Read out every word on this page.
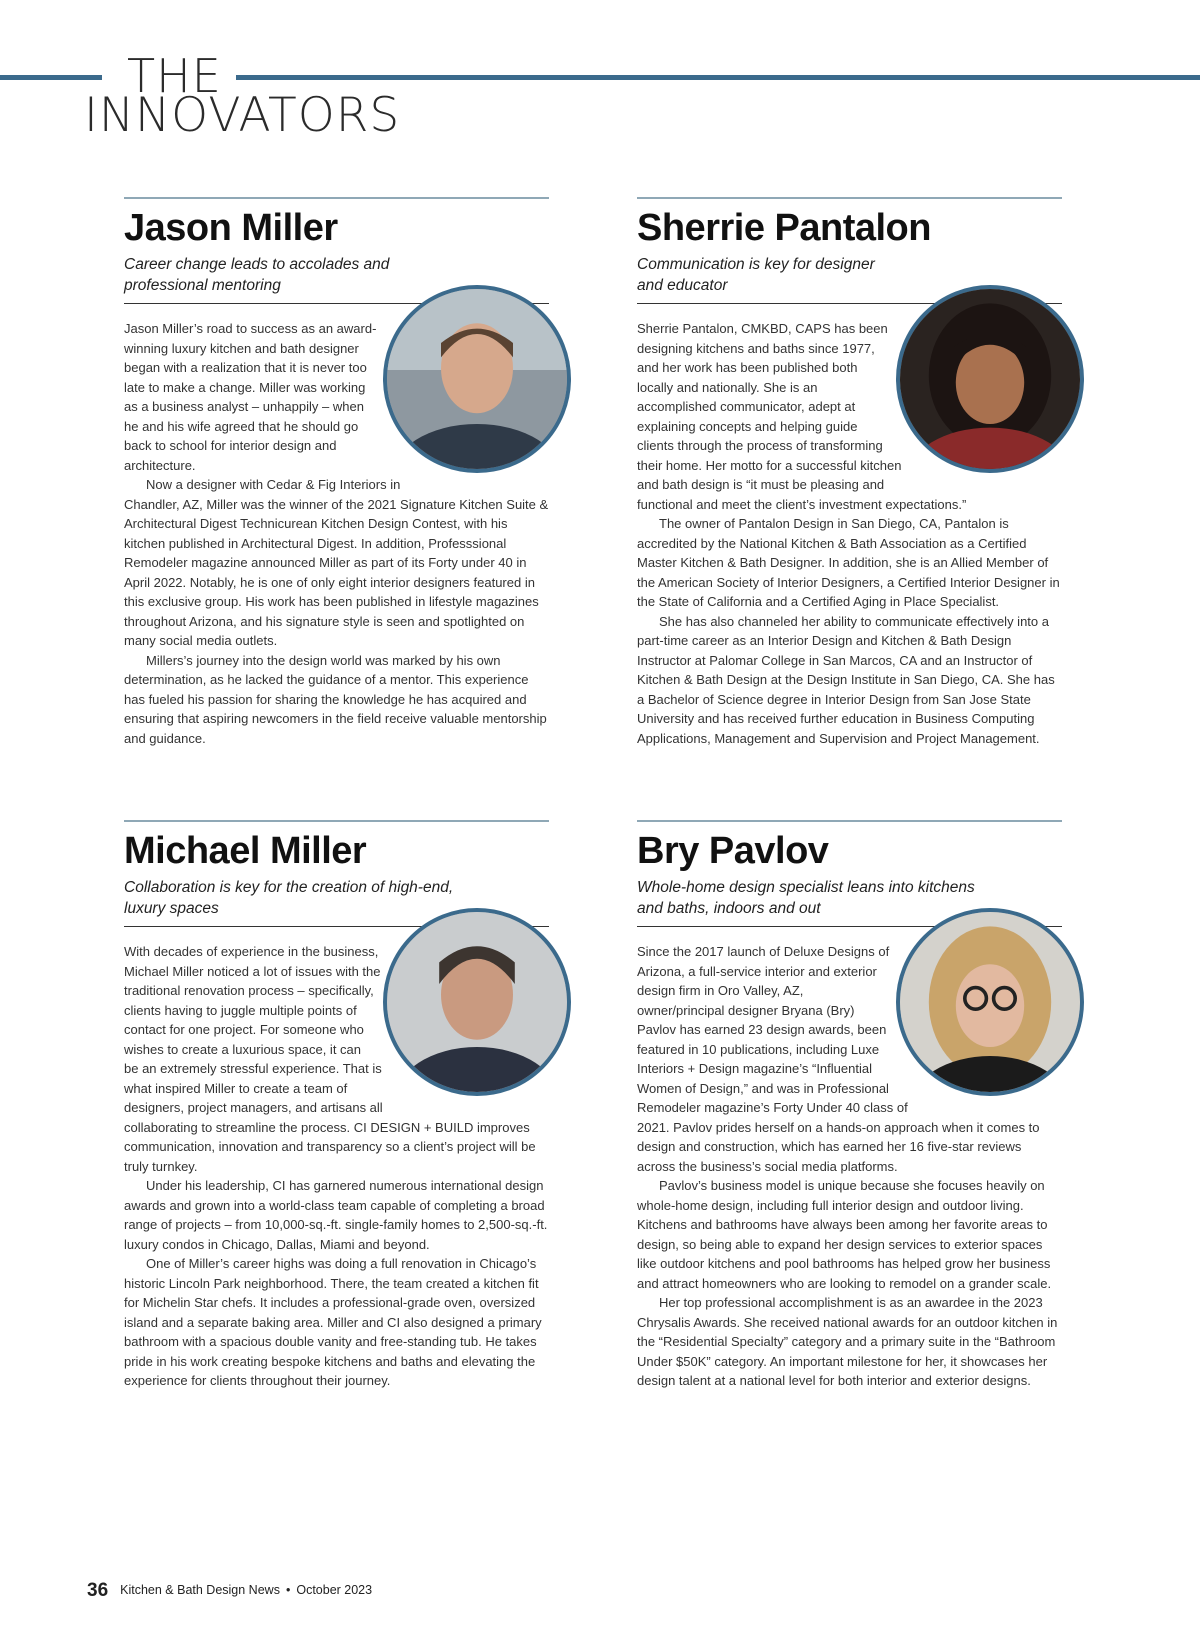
THE
INNOVATORS
Jason Miller
Career change leads to accolades and professional mentoring

Jason Miller’s road to success as an award-winning luxury kitchen and bath designer began with a realization that it is never too late to make a change. Miller was working as a business analyst – unhappily – when he and his wife agreed that he should go back to school for interior design and architecture.

Now a designer with Cedar & Fig Interiors in Chandler, AZ, Miller was the winner of the 2021 Signature Kitchen Suite & Architectural Digest Technicurean Kitchen Design Contest, with his kitchen published in Architectural Digest. In addition, Professsional Remodeler magazine announced Miller as part of its Forty under 40 in April 2022. Notably, he is one of only eight interior designers featured in this exclusive group. His work has been published in lifestyle magazines throughout Arizona, and his signature style is seen and spotlighted on many social media outlets.

Millers’s journey into the design world was marked by his own determination, as he lacked the guidance of a mentor. This experience has fueled his passion for sharing the knowledge he has acquired and ensuring that aspiring newcomers in the field receive valuable mentorship and guidance.

Sherrie Pantalon
Communication is key for designer and educator

Sherrie Pantalon, CMKBD, CAPS has been designing kitchens and baths since 1977, and her work has been published both locally and nationally. She is an accomplished communicator, adept at explaining concepts and helping guide clients through the process of transforming their home. Her motto for a successful kitchen and bath design is “it must be pleasing and functional and meet the client’s investment expectations.”

The owner of Pantalon Design in San Diego, CA, Pantalon is accredited by the National Kitchen & Bath Association as a Certified Master Kitchen & Bath Designer. In addition, she is an Allied Member of the American Society of Interior Designers, a Certified Interior Designer in the State of California and a Certified Aging in Place Specialist.

She has also channeled her ability to communicate effectively into a part-time career as an Interior Design and Kitchen & Bath Design Instructor at Palomar College in San Marcos, CA and an Instructor of Kitchen & Bath Design at the Design Institute in San Diego, CA. She has a Bachelor of Science degree in Interior Design from San Jose State University and has received further education in Business Computing Applications, Management and Supervision and Project Management.

Michael Miller
Collaboration is key for the creation of high-end, luxury spaces

With decades of experience in the business, Michael Miller noticed a lot of issues with the traditional renovation process – specifically, clients having to juggle multiple points of contact for one project. For someone who wishes to create a luxurious space, it can be an extremely stressful experience. That is what inspired Miller to create a team of designers, project managers, and artisans all collaborating to streamline the process. CI DESIGN + BUILD improves communication, innovation and transparency so a client’s project will be truly turnkey.

Under his leadership, CI has garnered numerous international design awards and grown into a world-class team capable of completing a broad range of projects – from 10,000-sq.-ft. single-family homes to 2,500-sq.-ft. luxury condos in Chicago, Dallas, Miami and beyond.

One of Miller’s career highs was doing a full renovation in Chicago’s historic Lincoln Park neighborhood. There, the team created a kitchen fit for Michelin Star chefs. It includes a professional-grade oven, oversized island and a separate baking area. Miller and CI also designed a primary bathroom with a spacious double vanity and free-standing tub. He takes pride in his work creating bespoke kitchens and baths and elevating the experience for clients throughout their journey.

Bry Pavlov
Whole-home design specialist leans into kitchens and baths, indoors and out

Since the 2017 launch of Deluxe Designs of Arizona, a full-service interior and exterior design firm in Oro Valley, AZ, owner/principal designer Bryana (Bry) Pavlov has earned 23 design awards, been featured in 10 publications, including Luxe Interiors + Design magazine’s “Influential Women of Design,” and was in Professional Remodeler magazine’s Forty Under 40 class of 2021. Pavlov prides herself on a hands-on approach when it comes to design and construction, which has earned her 16 five-star reviews across the business’s social media platforms.

Pavlov’s business model is unique because she focuses heavily on whole-home design, including full interior design and outdoor living. Kitchens and bathrooms have always been among her favorite areas to design, so being able to expand her design services to exterior spaces like outdoor kitchens and pool bathrooms has helped grow her business and attract homeowners who are looking to remodel on a grander scale.

Her top professional accomplishment is as an awardee in the 2023 Chrysalis Awards. She received national awards for an outdoor kitchen in the “Residential Specialty” category and a primary suite in the “Bathroom Under $50K” category. An important milestone for her, it showcases her design talent at a national level for both interior and exterior designs.

36 Kitchen & Bath Design News • October 2023
